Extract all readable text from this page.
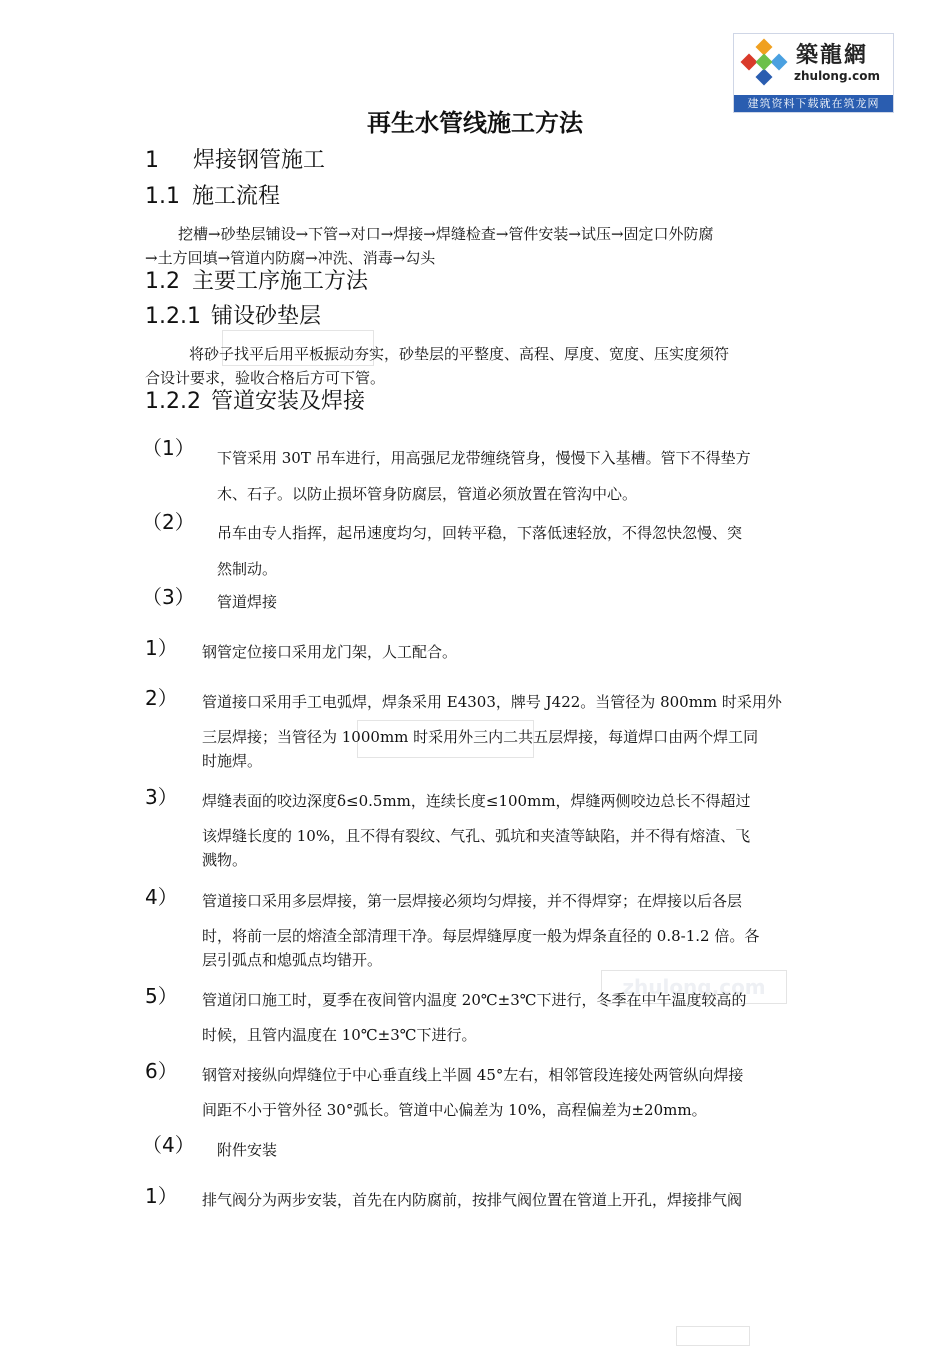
築龍網
zhulong.com
建筑资料下载就在筑龙网
zhulong.com
再生水管线施工方法
1 焊接钢管施工
1.1 施工流程
挖槽→砂垫层铺设→下管→对口→焊接→焊缝检查→管件安装→试压→固定口外防腐
→土方回填→管道内防腐→冲洗、消毒→勾头
1.2 主要工序施工方法
1.2.1 铺设砂垫层
将砂子找平后用平板振动夯实，砂垫层的平整度、高程、厚度、宽度、压实度须符
合设计要求，验收合格后方可下管。
1.2.2 管道安装及焊接
（1） 下管采用 30T 吊车进行，用高强尼龙带缠绕管身，慢慢下入基槽。管下不得垫方
木、石子。以防止损坏管身防腐层，管道必须放置在管沟中心。
（2） 吊车由专人指挥，起吊速度均匀，回转平稳，下落低速轻放，不得忽快忽慢、突
然制动。
（3） 管道焊接
1） 钢管定位接口采用龙门架，人工配合。
2） 管道接口采用手工电弧焊，焊条采用 E4303，牌号 J422。当管径为 800mm 时采用外
三层焊接；当管径为 1000mm 时采用外三内二共五层焊接，每道焊口由两个焊工同
时施焊。
3） 焊缝表面的咬边深度δ≤0.5mm，连续长度≤100mm，焊缝两侧咬边总长不得超过
该焊缝长度的 10%，且不得有裂纹、气孔、弧坑和夹渣等缺陷，并不得有熔渣、飞
溅物。
4） 管道接口采用多层焊接，第一层焊接必须均匀焊接，并不得焊穿；在焊接以后各层
时，将前一层的熔渣全部清理干净。每层焊缝厚度一般为焊条直径的 0.8-1.2 倍。各
层引弧点和熄弧点均错开。
5） 管道闭口施工时，夏季在夜间管内温度 20℃±3℃下进行，冬季在中午温度较高的
时候，且管内温度在 10℃±3℃下进行。
6） 钢管对接纵向焊缝位于中心垂直线上半圆 45°左右，相邻管段连接处两管纵向焊接
间距不小于管外径 30°弧长。管道中心偏差为 10%，高程偏差为±20mm。
（4） 附件安装
1） 排气阀分为两步安装，首先在内防腐前，按排气阀位置在管道上开孔，焊接排气阀
